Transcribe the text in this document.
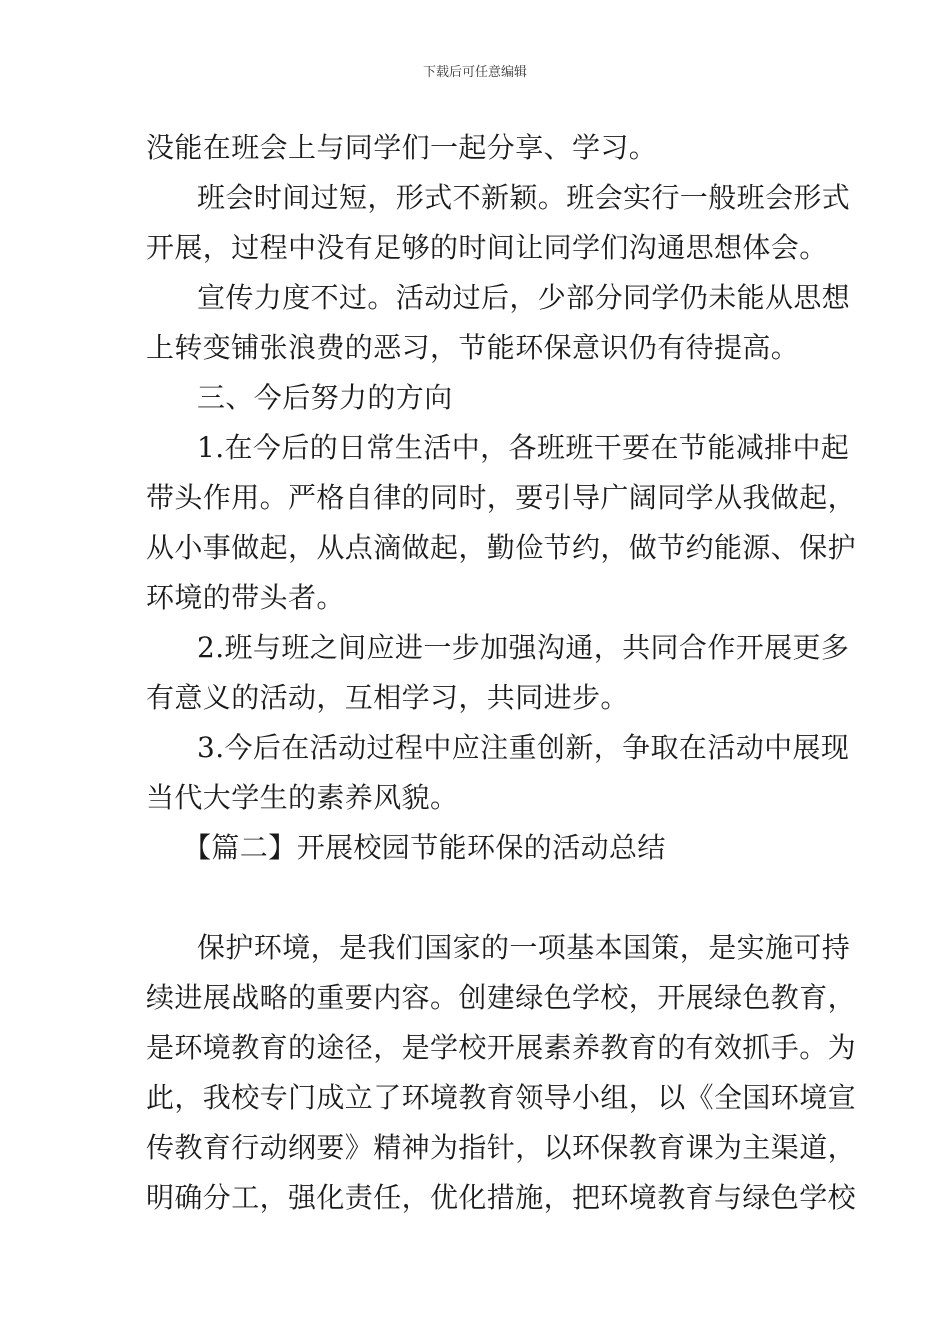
下载后可任意编辑
没能在班会上与同学们一起分享、学习。
班会时间过短，形式不新颖。班会实行一般班会形式
开展，过程中没有足够的时间让同学们沟通思想体会。
宣传力度不过。活动过后，少部分同学仍未能从思想
上转变铺张浪费的恶习，节能环保意识仍有待提高。
三、今后努力的方向
1.在今后的日常生活中，各班班干要在节能减排中起
带头作用。严格自律的同时，要引导广阔同学从我做起，
从小事做起，从点滴做起，勤俭节约，做节约能源、保护
环境的带头者。
2.班与班之间应进一步加强沟通，共同合作开展更多
有意义的活动，互相学习，共同进步。
3.今后在活动过程中应注重创新，争取在活动中展现
当代大学生的素养风貌。
【篇二】开展校园节能环保的活动总结
保护环境，是我们国家的一项基本国策，是实施可持
续进展战略的重要内容。创建绿色学校，开展绿色教育，
是环境教育的途径，是学校开展素养教育的有效抓手。为
此，我校专门成立了环境教育领导小组，以《全国环境宣
传教育行动纲要》精神为指针，以环保教育课为主渠道，
明确分工，强化责任，优化措施，把环境教育与绿色学校
